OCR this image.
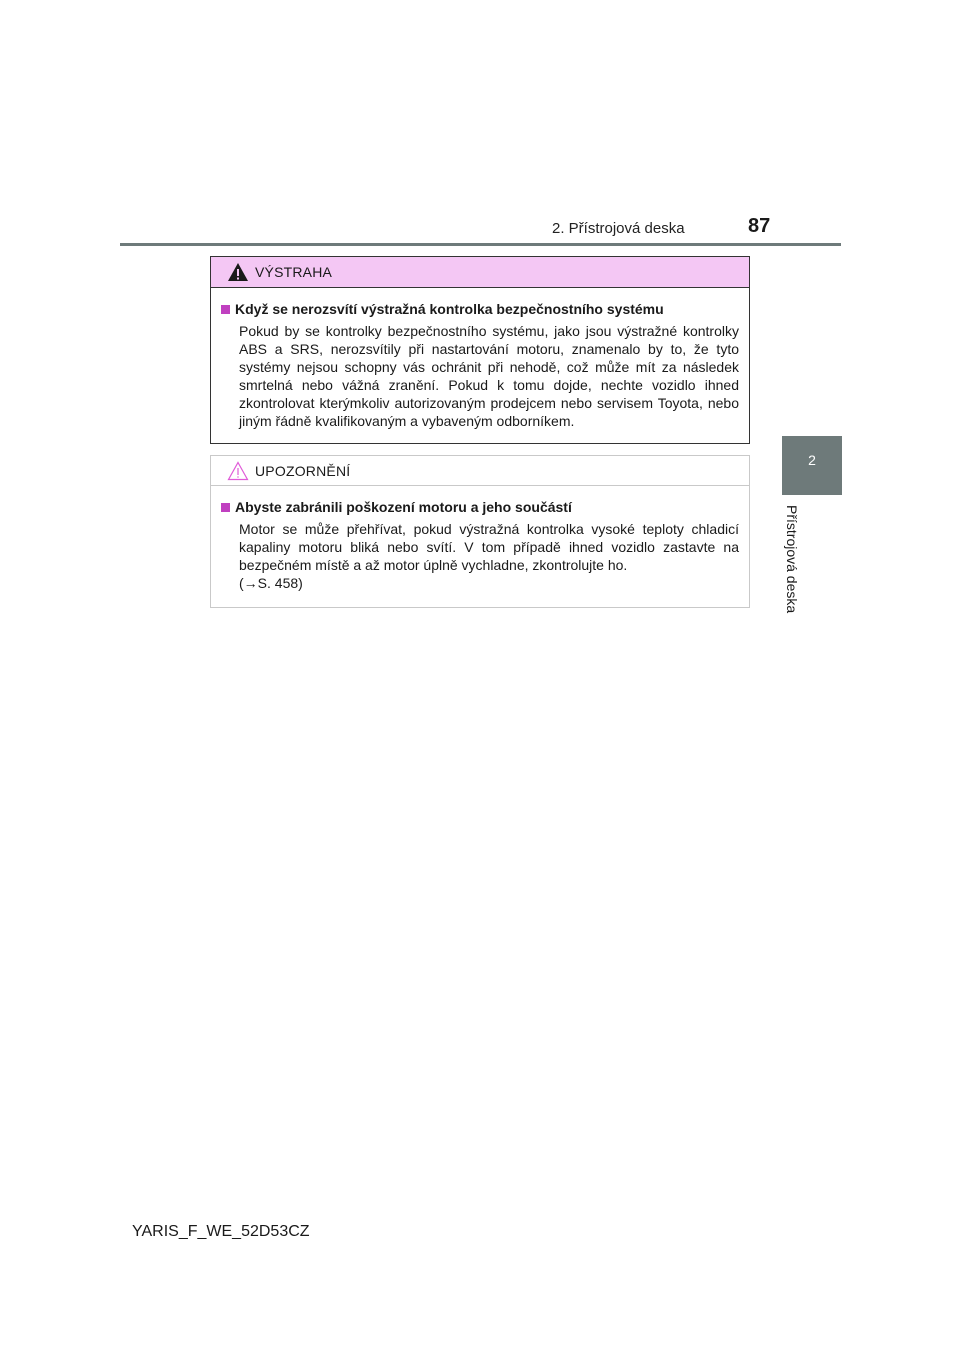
2. Přístrojová deska	87
2
Přístrojová deska
VÝSTRAHA

Když se nerozsvítí výstražná kontrolka bezpečnostního systému

Pokud by se kontrolky bezpečnostního systému, jako jsou výstražné kontrolky ABS a SRS, nerozsvítily při nastartování motoru, znamenalo by to, že tyto systémy nejsou schopny vás ochránit při nehodě, což může mít za následek smrtelná nebo vážná zranění. Pokud k tomu dojde, nechte vozidlo ihned zkontrolovat kterýmkoliv autorizovaným prodejcem nebo servisem Toyota, nebo jiným řádně kvalifikovaným a vybaveným odborníkem.

UPOZORNĚNÍ

Abyste zabránili poškození motoru a jeho součástí

Motor se může přehřívat, pokud výstražná kontrolka vysoké teploty chladicí kapaliny motoru bliká nebo svítí. V tom případě ihned vozidlo zastavte na bezpečném místě a až motor úplně vychladne, zkontrolujte ho.

(→S. 458)

YARIS_F_WE_52D53CZ
